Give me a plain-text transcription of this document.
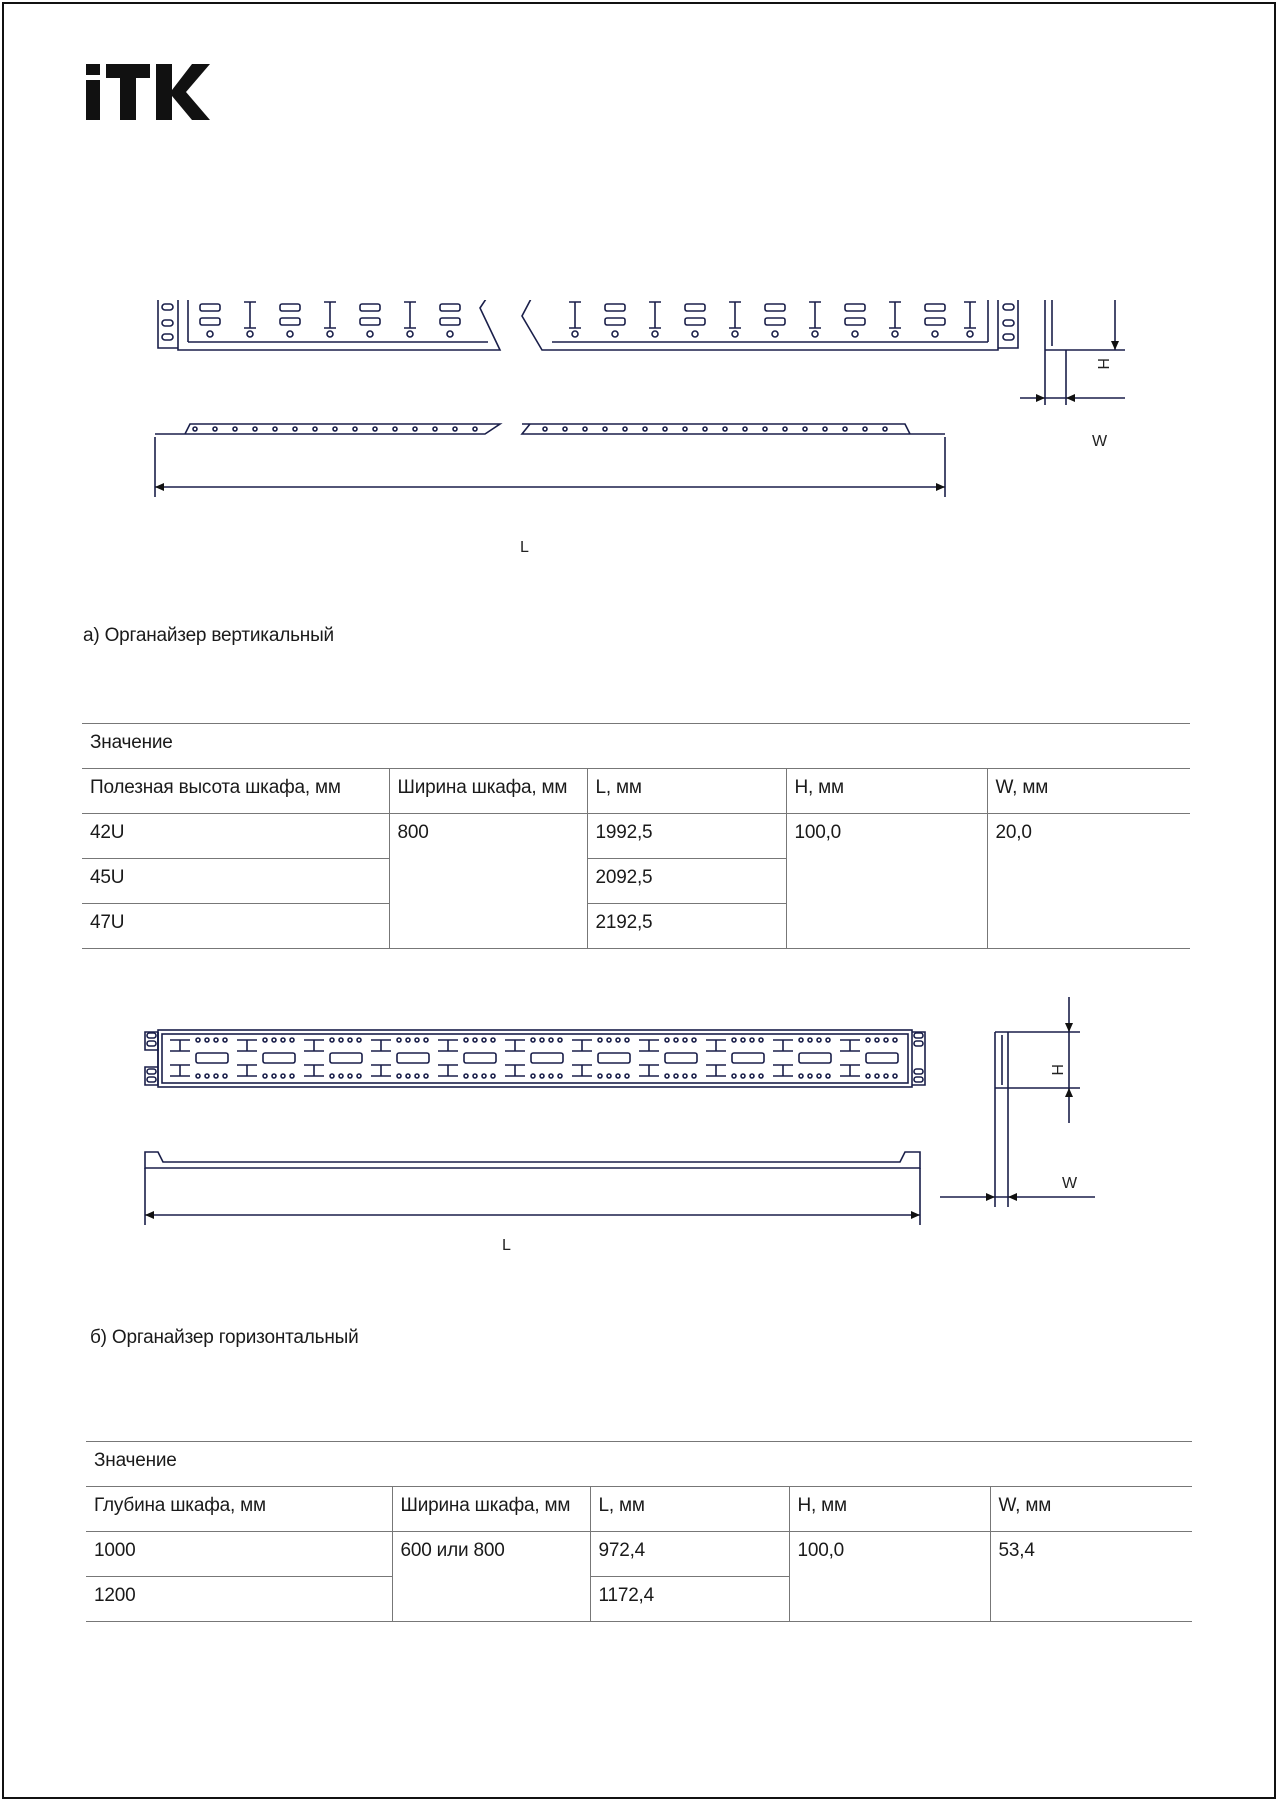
H
W
L
а) Органайзер вертикальный
Значение				
Полезная высота шкафа, мм	Ширина шкафа, мм	L, мм	H, мм	W, мм
42U	800	1992,5	100,0	20,0
45U		2092,5		
47U		2192,5		
H
W
L
б) Органайзер горизонтальный
Значение				
Глубина шкафа, мм	Ширина шкафа, мм	L, мм	H, мм	W, мм
1000	600 или 800	972,4	100,0	53,4
1200		1172,4		
